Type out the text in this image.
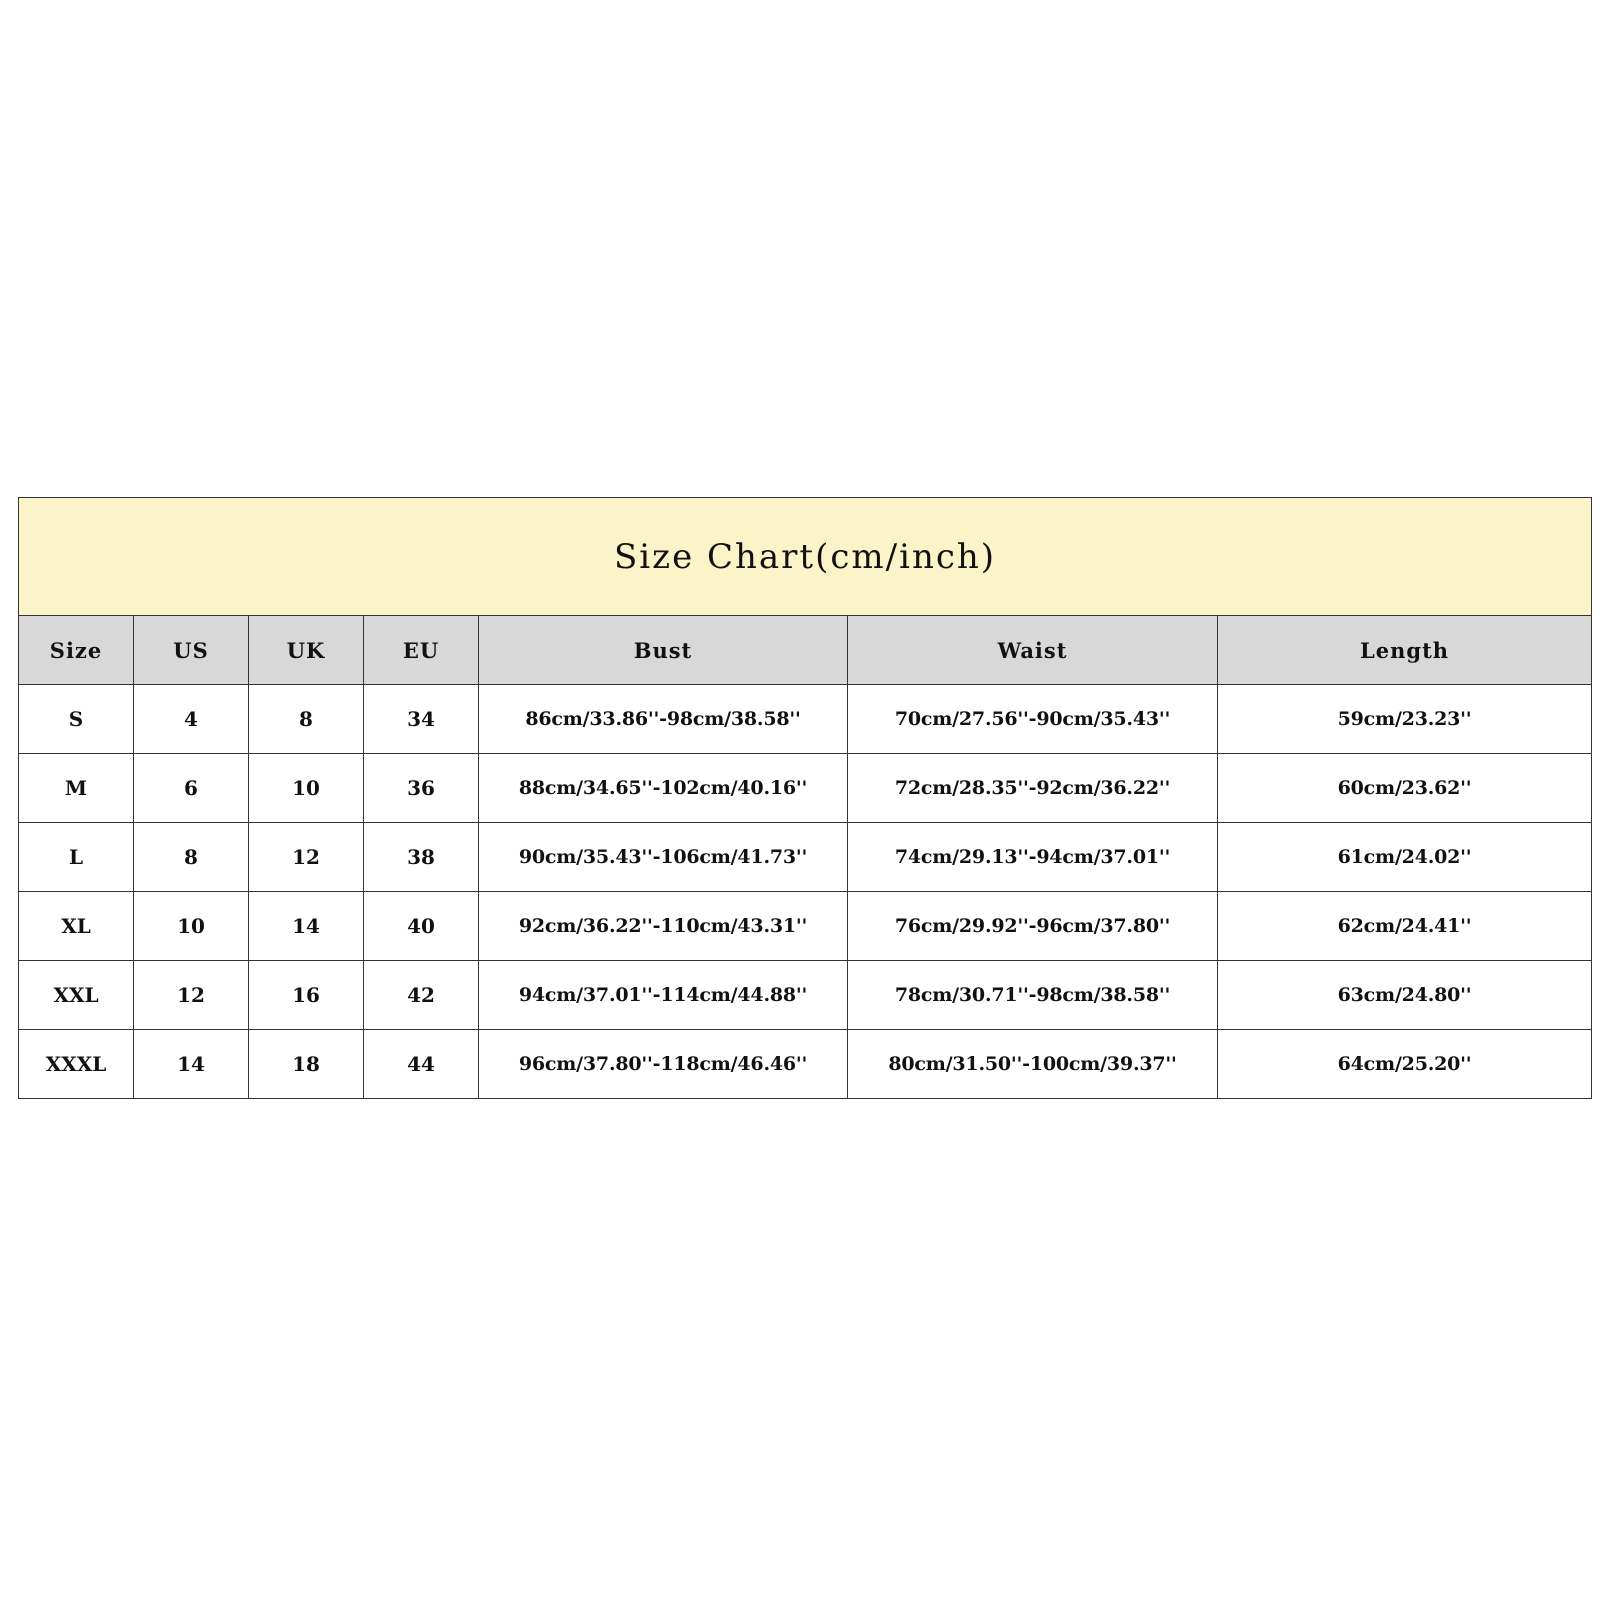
Size Chart(cm/inch)						
Size	US	UK	EU	Bust	Waist	Length
S	4	8	34	86cm/33.86''-98cm/38.58''	70cm/27.56''-90cm/35.43''	59cm/23.23''
M	6	10	36	88cm/34.65''-102cm/40.16''	72cm/28.35''-92cm/36.22''	60cm/23.62''
L	8	12	38	90cm/35.43''-106cm/41.73''	74cm/29.13''-94cm/37.01''	61cm/24.02''
XL	10	14	40	92cm/36.22''-110cm/43.31''	76cm/29.92''-96cm/37.80''	62cm/24.41''
XXL	12	16	42	94cm/37.01''-114cm/44.88''	78cm/30.71''-98cm/38.58''	63cm/24.80''
XXXL	14	18	44	96cm/37.80''-118cm/46.46''	80cm/31.50''-100cm/39.37''	64cm/25.20''
